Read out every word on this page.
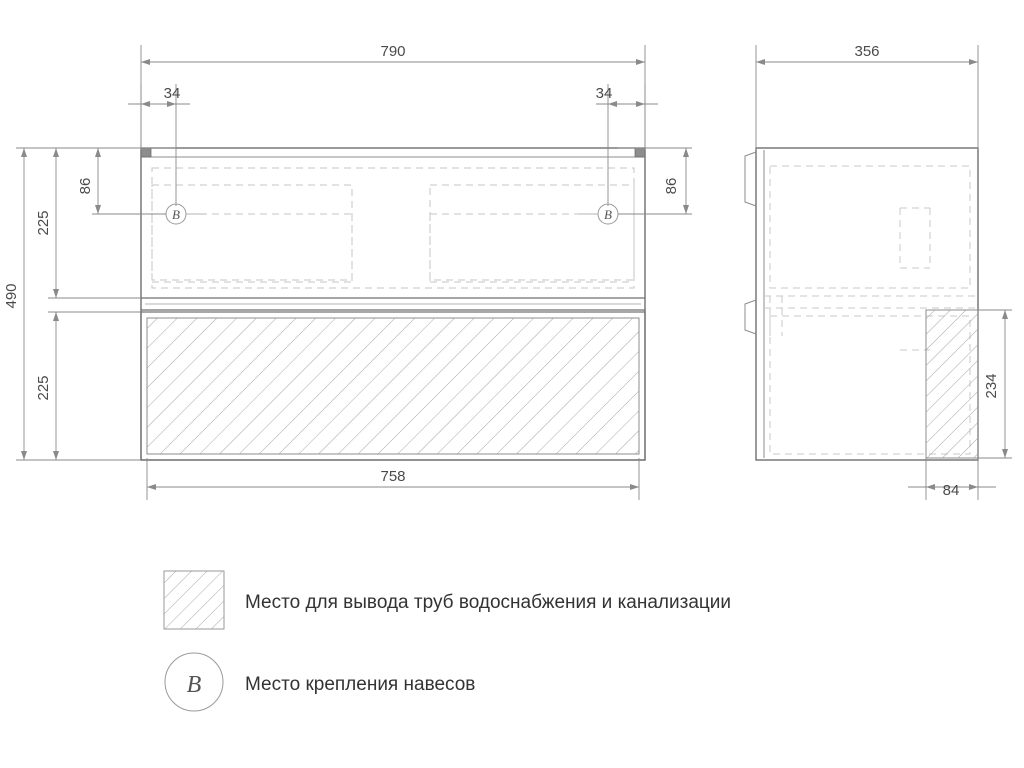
B	B
790
34	34
86
225
225
490
758
86
356
234
84
Место для вывода труб водоснабжения и канализации
B Место крепления навесов
